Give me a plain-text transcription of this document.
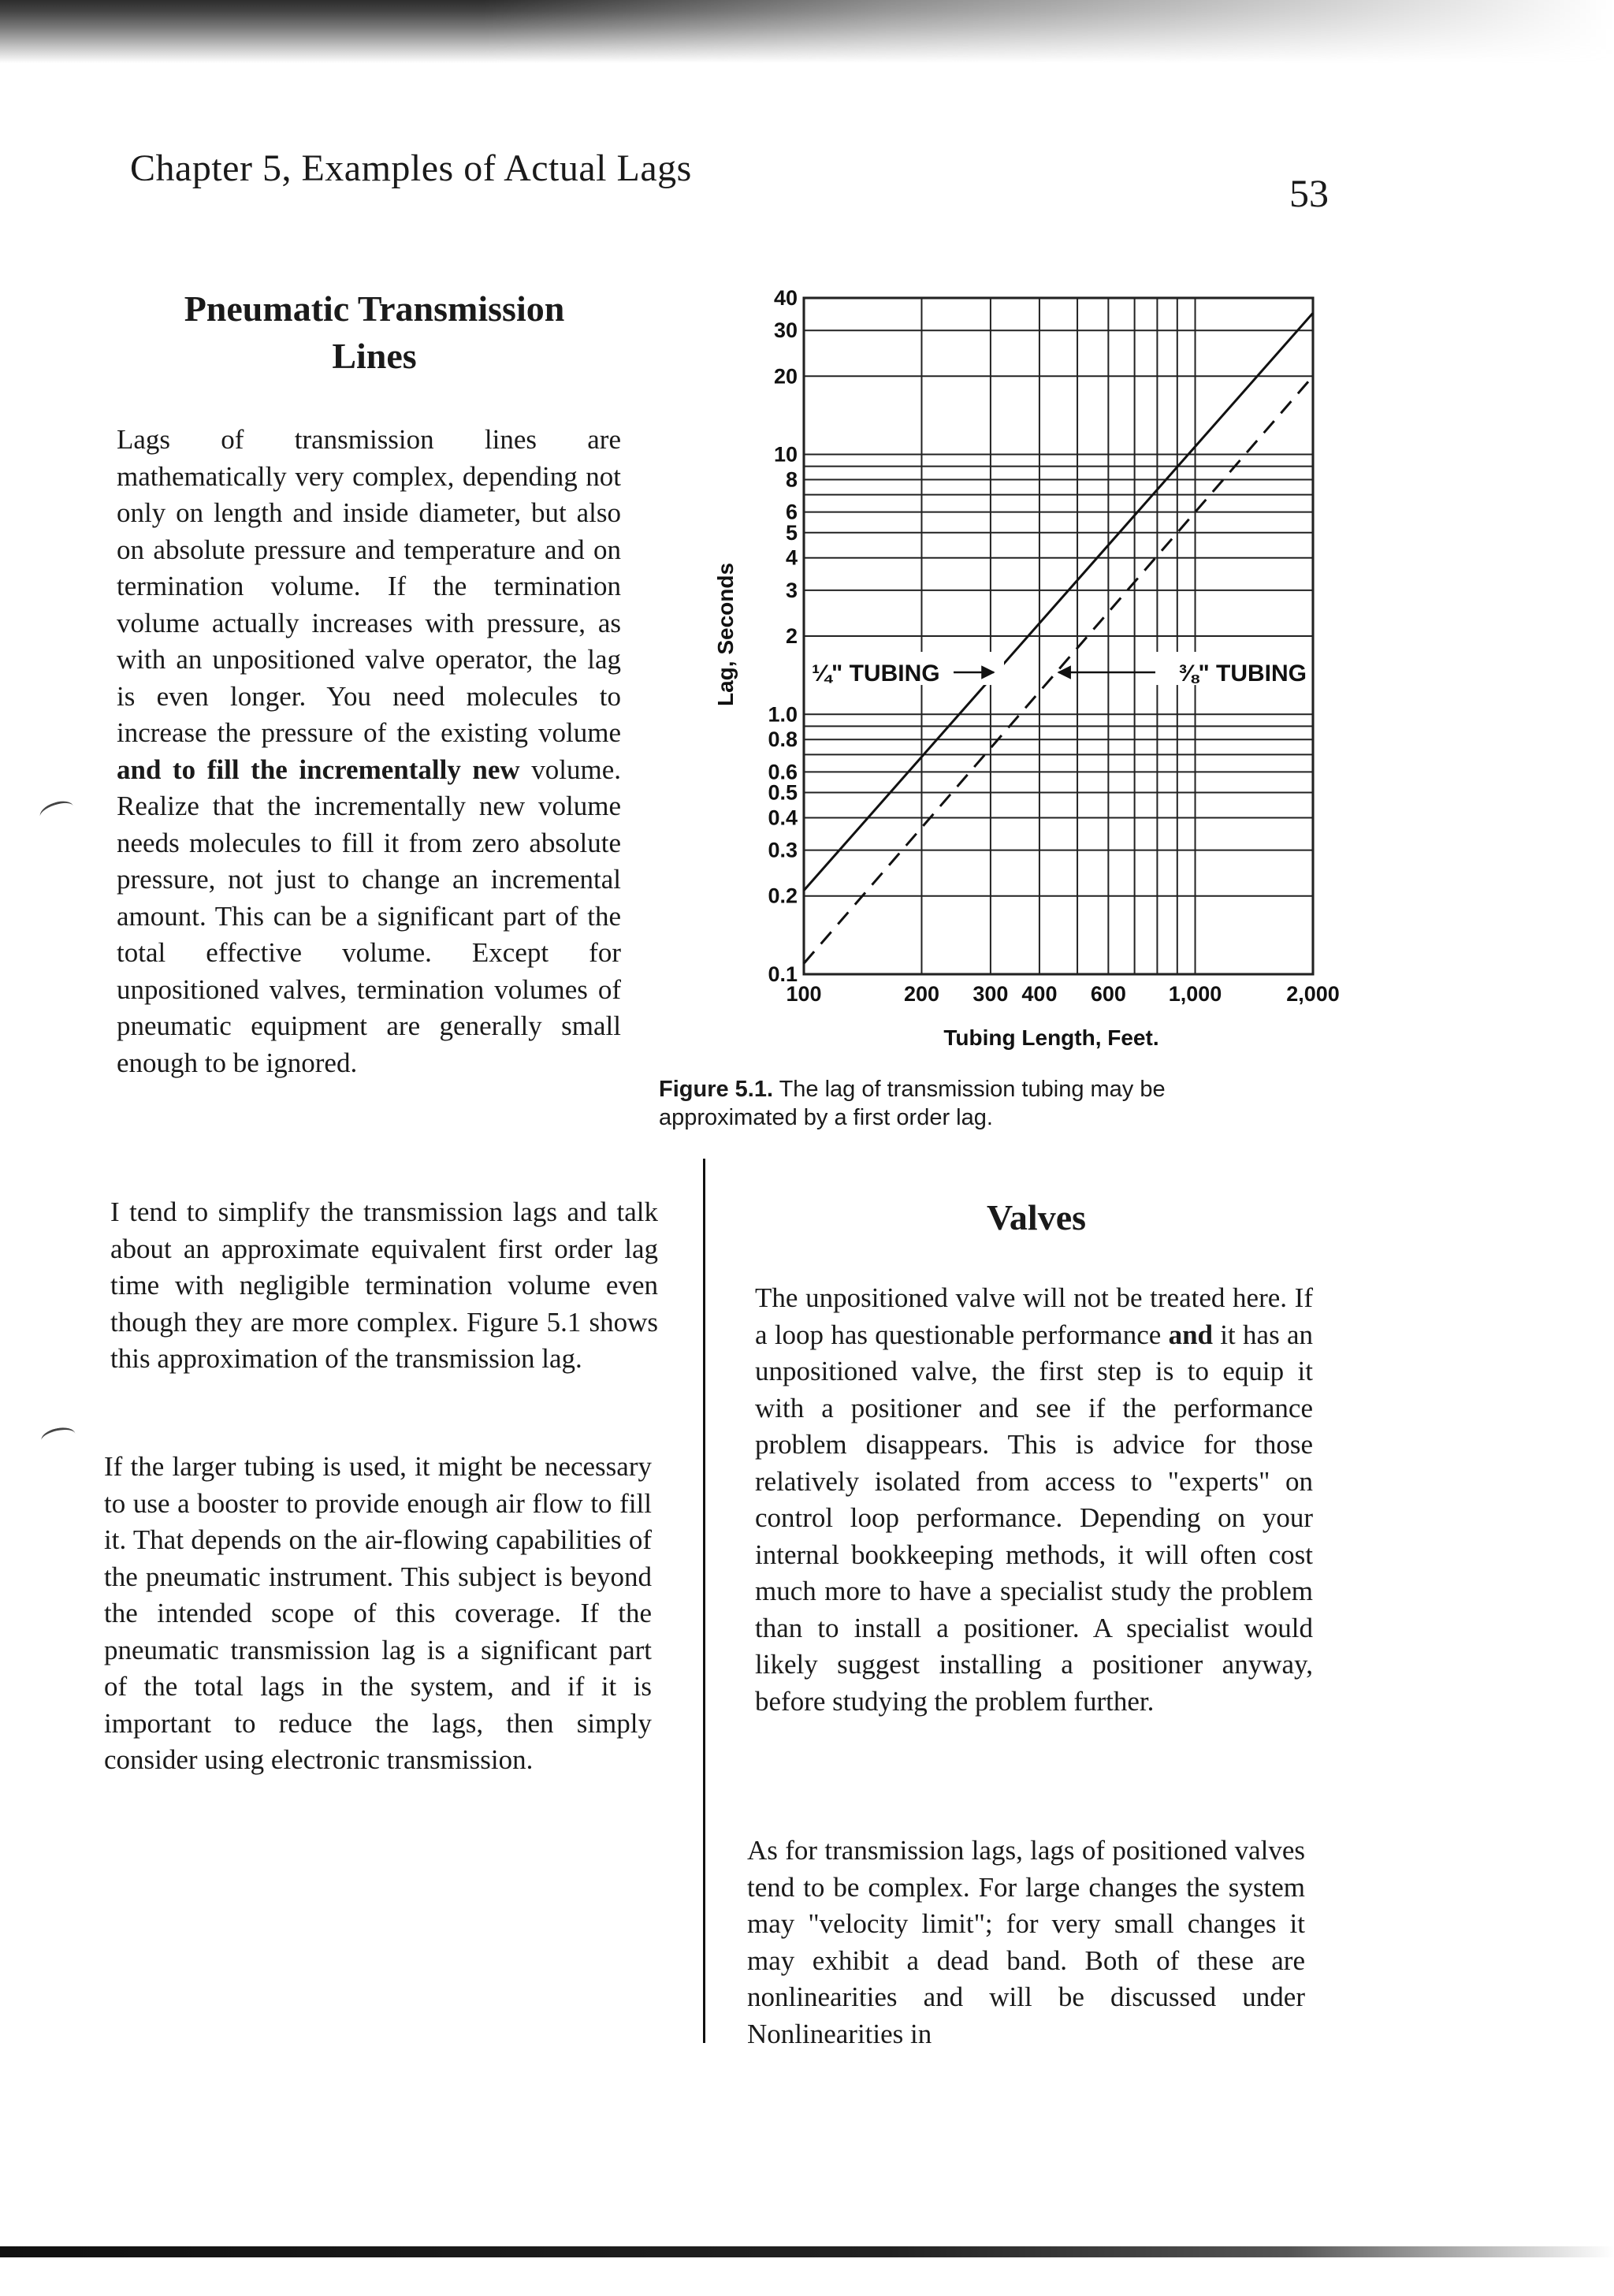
Chapter 5, Examples of Actual Lags
53
Pneumatic Transmission
Lines

Lags of transmission lines are mathematically very complex, depending not only on length and inside diameter, but also on absolute pressure and temperature and on termination volume. If the termination volume actually increases with pressure, as with an unpositioned valve operator, the lag is even longer. You need molecules to increase the pressure of the existing volume and to fill the incrementally new volume. Realize that the incrementally new volume needs molecules to fill it from zero absolute pressure, not just to change an incremental amount. This can be a significant part of the total effective volume. Except for unpositioned valves, termination volumes of pneumatic equipment are generally small enough to be ignored.

I tend to simplify the transmission lags and talk about an approximate equivalent first order lag time with negligible termination volume even though they are more complex. Figure 5.1 shows this approximation of the transmission lag.

If the larger tubing is used, it might be necessary to use a booster to provide enough air flow to fill it. That depends on the air-flowing capabilities of the pneumatic instrument. This subject is beyond the intended scope of this coverage. If the pneumatic transmission lag is a significant part of the total lags in the system, and if it is important to reduce the lags, then simply consider using electronic transmission.

Figure 5.1. The lag of transmission tubing may be approximated by a first order lag.

Valves

The unpositioned valve will not be treated here. If a loop has questionable performance and it has an unpositioned valve, the first step is to equip it with a positioner and see if the performance problem disappears. This is advice for those relatively isolated from access to "experts" on control loop performance. Depending on your internal bookkeeping methods, it will often cost much more to have a specialist study the problem than to install a positioner. A specialist would likely suggest installing a positioner anyway, before studying the problem further.

As for transmission lags, lags of positioned valves tend to be complex. For large changes the system may "velocity limit"; for very small changes it may exhibit a dead band. Both of these are nonlinearities and will be discussed under Nonlinearities in

0.1
0.2
0.3
0.4
0.5
0.6
0.8
1.0
2
3
4
5
6
8
10
20
30
40
100	200 300 400 600 1,000	2,000
¼" TUBING	⅜" TUBING
Tubing Length, Feet.
Lag, Seconds
